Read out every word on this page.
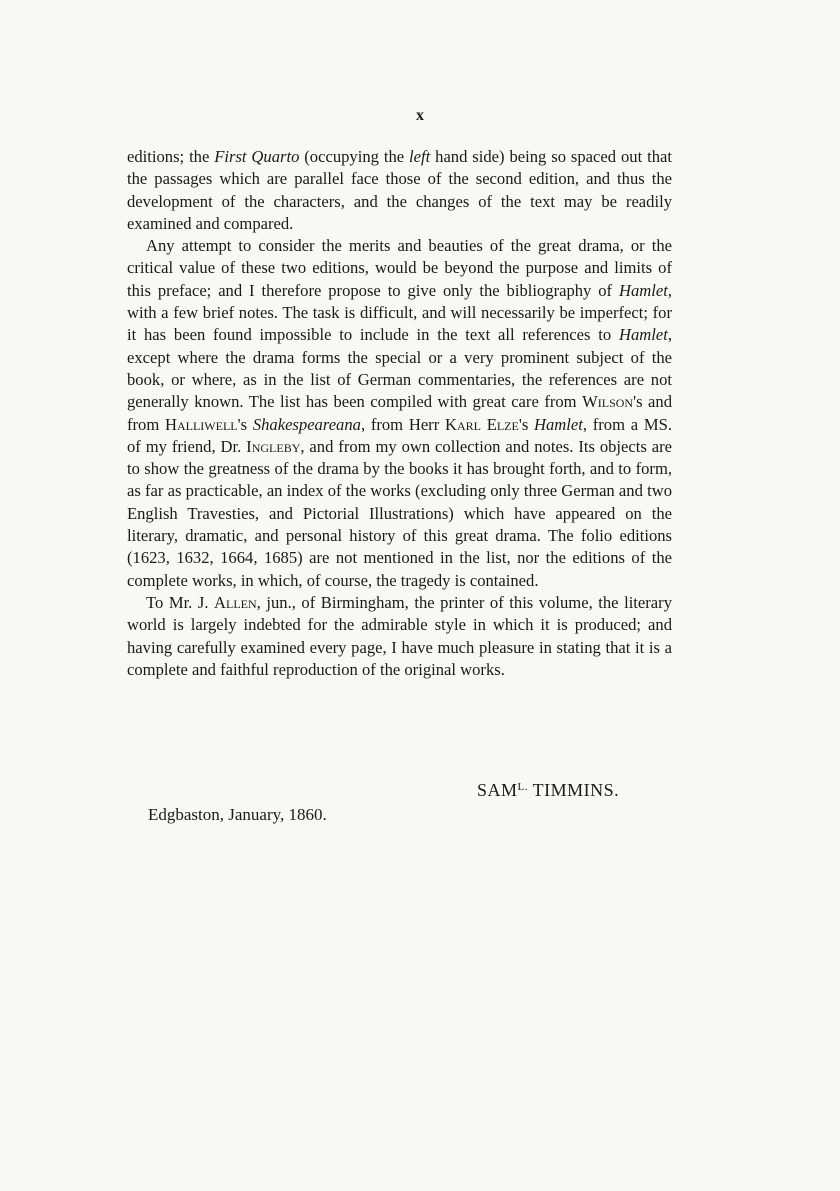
x

editions; the First Quarto (occupying the left hand side) being so spaced out that the passages which are parallel face those of the second edition, and thus the development of the characters, and the changes of the text may be readily examined and compared.

Any attempt to consider the merits and beauties of the great drama, or the critical value of these two editions, would be beyond the purpose and limits of this preface; and I therefore propose to give only the bibliography of Hamlet, with a few brief notes. The task is difficult, and will necessarily be imperfect; for it has been found impossible to include in the text all references to Hamlet, except where the drama forms the special or a very prominent subject of the book, or where, as in the list of German commentaries, the references are not generally known. The list has been compiled with great care from Wilson's and from Halliwell's Shakespeareana, from Herr Karl Elze's Hamlet, from a MS. of my friend, Dr. Ingleby, and from my own collection and notes. Its objects are to show the greatness of the drama by the books it has brought forth, and to form, as far as practicable, an index of the works (excluding only three German and two English Travesties, and Pictorial Illustrations) which have appeared on the literary, dramatic, and personal history of this great drama. The folio editions (1623, 1632, 1664, 1685) are not mentioned in the list, nor the editions of the complete works, in which, of course, the tragedy is contained.

To Mr. J. Allen, jun., of Birmingham, the printer of this volume, the literary world is largely indebted for the admirable style in which it is produced; and having carefully examined every page, I have much pleasure in stating that it is a complete and faithful reproduction of the original works.

$SAM^{L.}$ TIMMINS.
Edgbaston, January, 1860.
